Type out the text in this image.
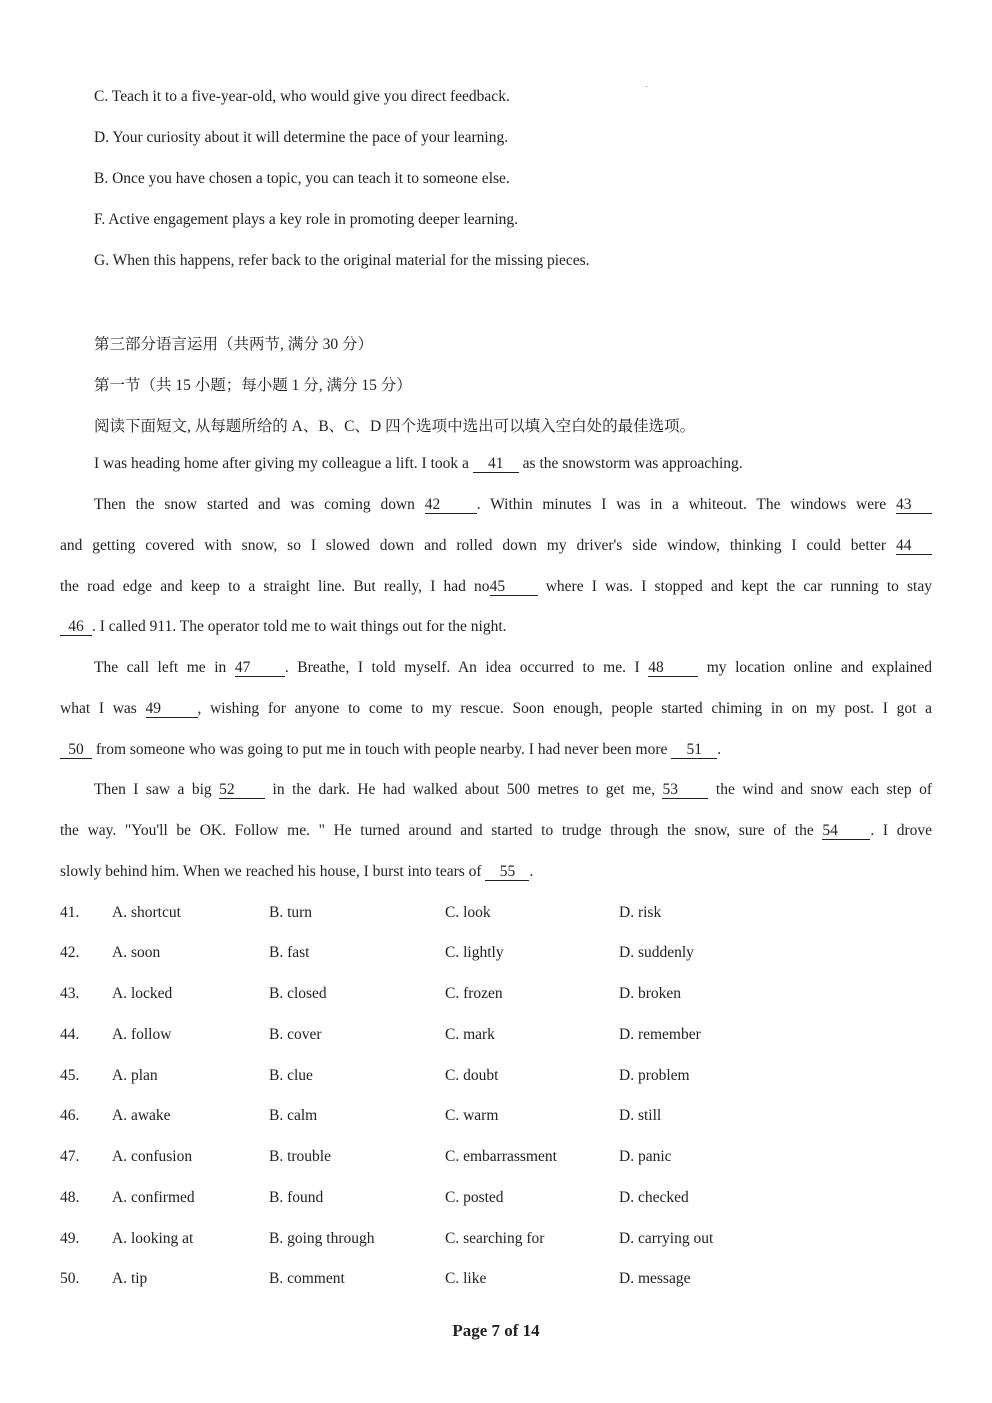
C. Teach it to a five-year-old, who would give you direct feedback.
D. Your curiosity about it will determine the pace of your learning.
B. Once you have chosen a topic, you can teach it to someone else.
F. Active engagement plays a key role in promoting deeper learning.
G. When this happens, refer back to the original material for the missing pieces.
第三部分语言运用（共两节, 满分 30 分）
第一节（共 15 小题；每小题 1 分, 满分 15 分）
阅读下面短文, 从每题所给的 A、B、C、D 四个选项中选出可以填入空白处的最佳选项。
I was heading home after giving my colleague a lift. I took a 41 as the snowstorm was approaching.
Then the snow started and was coming down 42 . Within minutes I was in a whiteout. The windows were 43
and getting covered with snow, so I slowed down and rolled down my driver's side window, thinking I could better 44
the road edge and keep to a straight line. But really, I had no45 where I was. I stopped and kept the car running to stay
46 . I called 911. The operator told me to wait things out for the night.
The call left me in 47 . Breathe, I told myself. An idea occurred to me. I 48 my location online and explained
what I was 49 , wishing for anyone to come to my rescue. Soon enough, people started chiming in on my post. I got a
50 from someone who was going to put me in touch with people nearby. I had never been more 51 .
Then I saw a big 52 in the dark. He had walked about 500 metres to get me, 53 the wind and snow each step of
the way. "You'll be OK. Follow me. " He turned around and started to trudge through the snow, sure of the 54 . I drove
slowly behind him. When we reached his house, I burst into tears of 55 .
41. A. shortcut	B. turn	C. look	D. risk
42. A. soon	B. fast	C. lightly	D. suddenly
43. A. locked	B. closed	C. frozen	D. broken
44. A. follow	B. cover	C. mark	D. remember
45. A. plan	B. clue	C. doubt	D. problem
46. A. awake	B. calm	C. warm	D. still
47. A. confusion	B. trouble	C. embarrassment	D. panic
48. A. confirmed	B. found	C. posted	D. checked
49. A. looking at	B. going through	C. searching for	D. carrying out
50. A. tip	B. comment	C. like	D. message
Page 7 of 14
